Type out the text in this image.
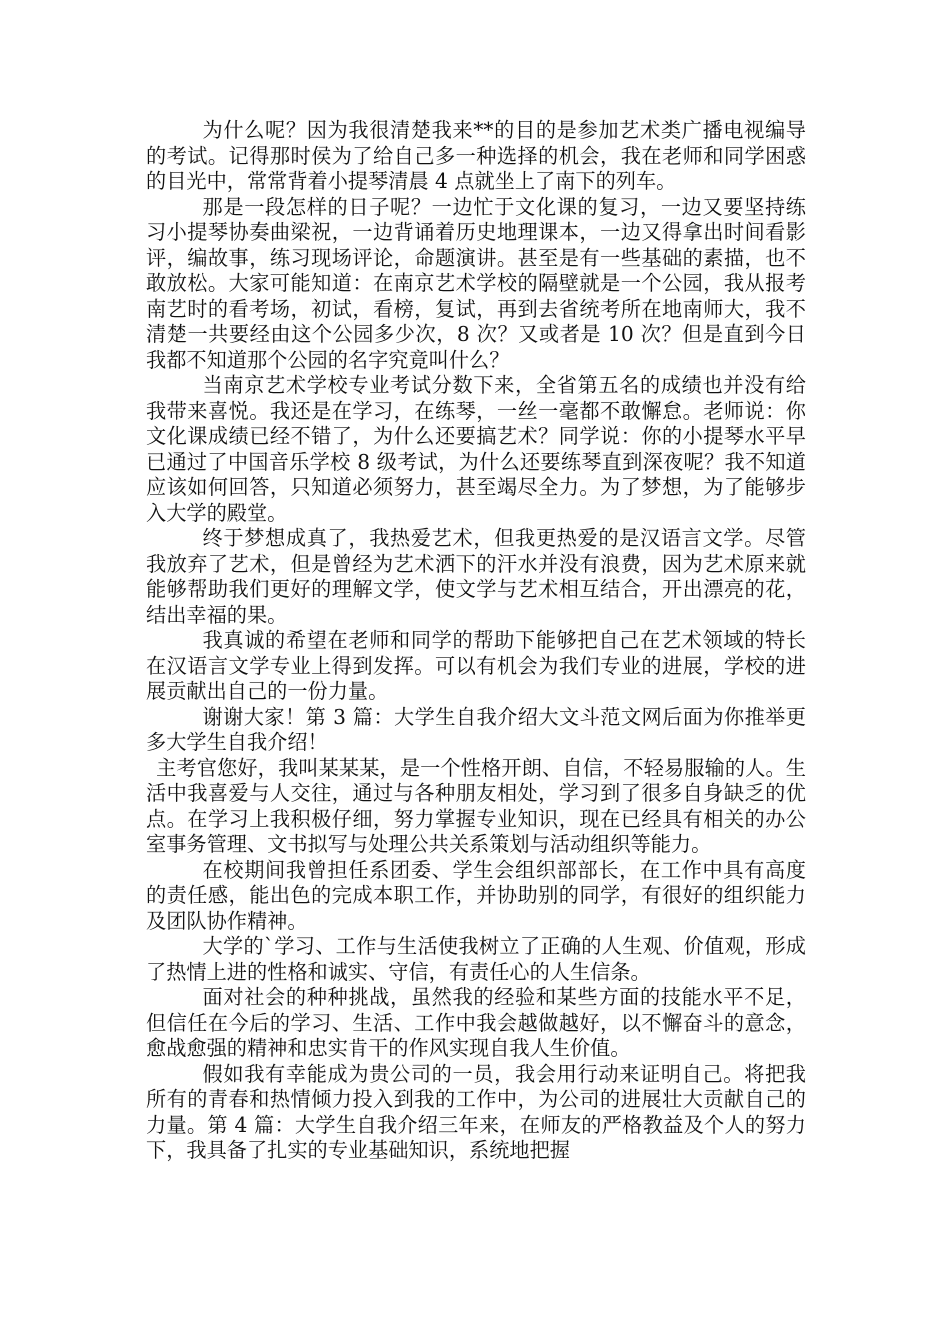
为什么呢？因为我很清楚我来**的目的是参加艺术类广播电视编导的考试。记得那时侯为了给自己多一种选择的机会，我在老师和同学困惑的目光中，常常背着小提琴清晨 4 点就坐上了南下的列车。

那是一段怎样的日子呢？一边忙于文化课的复习，一边又要坚持练习小提琴协奏曲梁祝，一边背诵着历史地理课本，一边又得拿出时间看影评，编故事，练习现场评论，命题演讲。甚至是有一些基础的素描，也不敢放松。大家可能知道：在南京艺术学校的隔壁就是一个公园，我从报考南艺时的看考场，初试，看榜，复试，再到去省统考所在地南师大，我不清楚一共要经由这个公园多少次，8 次？又或者是 10 次？但是直到今日我都不知道那个公园的名字究竟叫什么？

当南京艺术学校专业考试分数下来，全省第五名的成绩也并没有给我带来喜悦。我还是在学习，在练琴，一丝一毫都不敢懈怠。老师说：你文化课成绩已经不错了，为什么还要搞艺术？同学说：你的小提琴水平早已通过了中国音乐学校 8 级考试，为什么还要练琴直到深夜呢？我不知道应该如何回答，只知道必须努力，甚至竭尽全力。为了梦想，为了能够步入大学的殿堂。

终于梦想成真了，我热爱艺术，但我更热爱的是汉语言文学。尽管我放弃了艺术，但是曾经为艺术洒下的汗水并没有浪费，因为艺术原来就能够帮助我们更好的理解文学，使文学与艺术相互结合，开出漂亮的花，结出幸福的果。

我真诚的希望在老师和同学的帮助下能够把自己在艺术领域的特长在汉语言文学专业上得到发挥。可以有机会为我们专业的进展，学校的进展贡献出自己的一份力量。

谢谢大家！第 3 篇：大学生自我介绍大文斗范文网后面为你推举更多大学生自我介绍！

主考官您好，我叫某某某，是一个性格开朗、自信，不轻易服输的人。生活中我喜爱与人交往，通过与各种朋友相处，学习到了很多自身缺乏的优点。在学习上我积极仔细，努力掌握专业知识，现在已经具有相关的办公室事务管理、文书拟写与处理公共关系策划与活动组织等能力。

在校期间我曾担任系团委、学生会组织部部长，在工作中具有高度的责任感，能出色的完成本职工作，并协助别的同学，有很好的组织能力及团队协作精神。

大学的`学习、工作与生活使我树立了正确的人生观、价值观，形成了热情上进的性格和诚实、守信，有责任心的人生信条。

面对社会的种种挑战，虽然我的经验和某些方面的技能水平不足，但信任在今后的学习、生活、工作中我会越做越好，以不懈奋斗的意念，愈战愈强的精神和忠实肯干的作风实现自我人生价值。

假如我有幸能成为贵公司的一员，我会用行动来证明自己。将把我所有的青春和热情倾力投入到我的工作中，为公司的进展壮大贡献自己的力量。第 4 篇：大学生自我介绍三年来，在师友的严格教益及个人的努力下，我具备了扎实的专业基础知识，系统地把握
